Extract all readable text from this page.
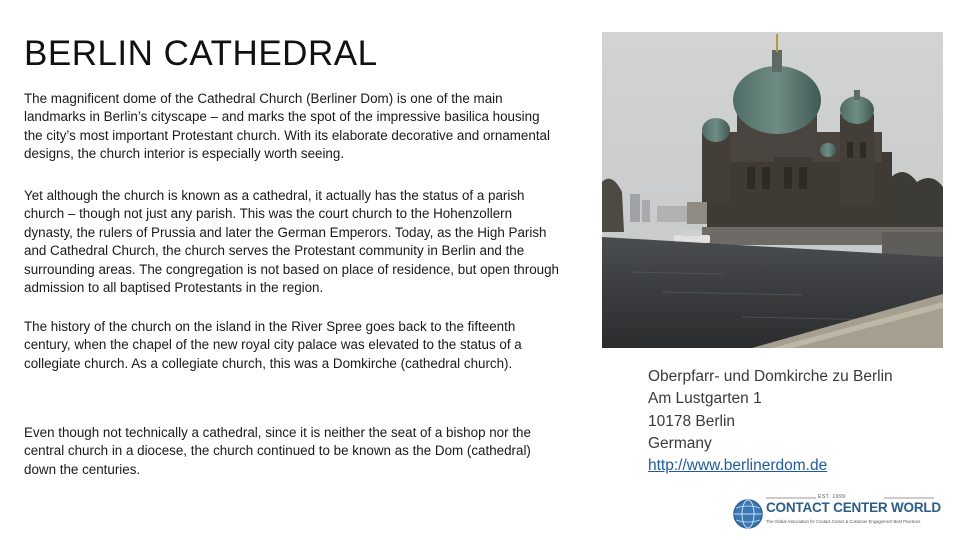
BERLIN CATHEDRAL

The magnificent dome of the Cathedral Church (Berliner Dom) is one of the main landmarks in Berlin’s cityscape – and marks the spot of the impressive basilica housing the city’s most important Protestant church. With its elaborate decorative and ornamental designs, the church interior is especially worth seeing.

Yet although the church is known as a cathedral, it actually has the status of a parish church – though not just any parish. This was the court church to the Hohenzollern dynasty, the rulers of Prussia and later the German Emperors. Today, as the High Parish and Cathedral Church, the church serves the Protestant community in Berlin and the surrounding areas. The congregation is not based on place of residence, but open through admission to all baptised Protestants in the region.

The history of the church on the island in the River Spree goes back to the fifteenth century, when the chapel of the new royal city palace was elevated to the status of a collegiate church. As a collegiate church, this was a Domkirche (cathedral church).

Even though not technically a cathedral, since it is neither the seat of a bishop nor the central church in a diocese, the church continued to be known as the Dom (cathedral) down the centuries.

Oberpfarr- und Domkirche zu Berlin
Am Lustgarten 1
10178 Berlin
Germany
http://www.berlinerdom.de
EST. 1999
CONTACT CENTER WORLD
The Global Association for Contact Center & Customer Engagement Best Practices
